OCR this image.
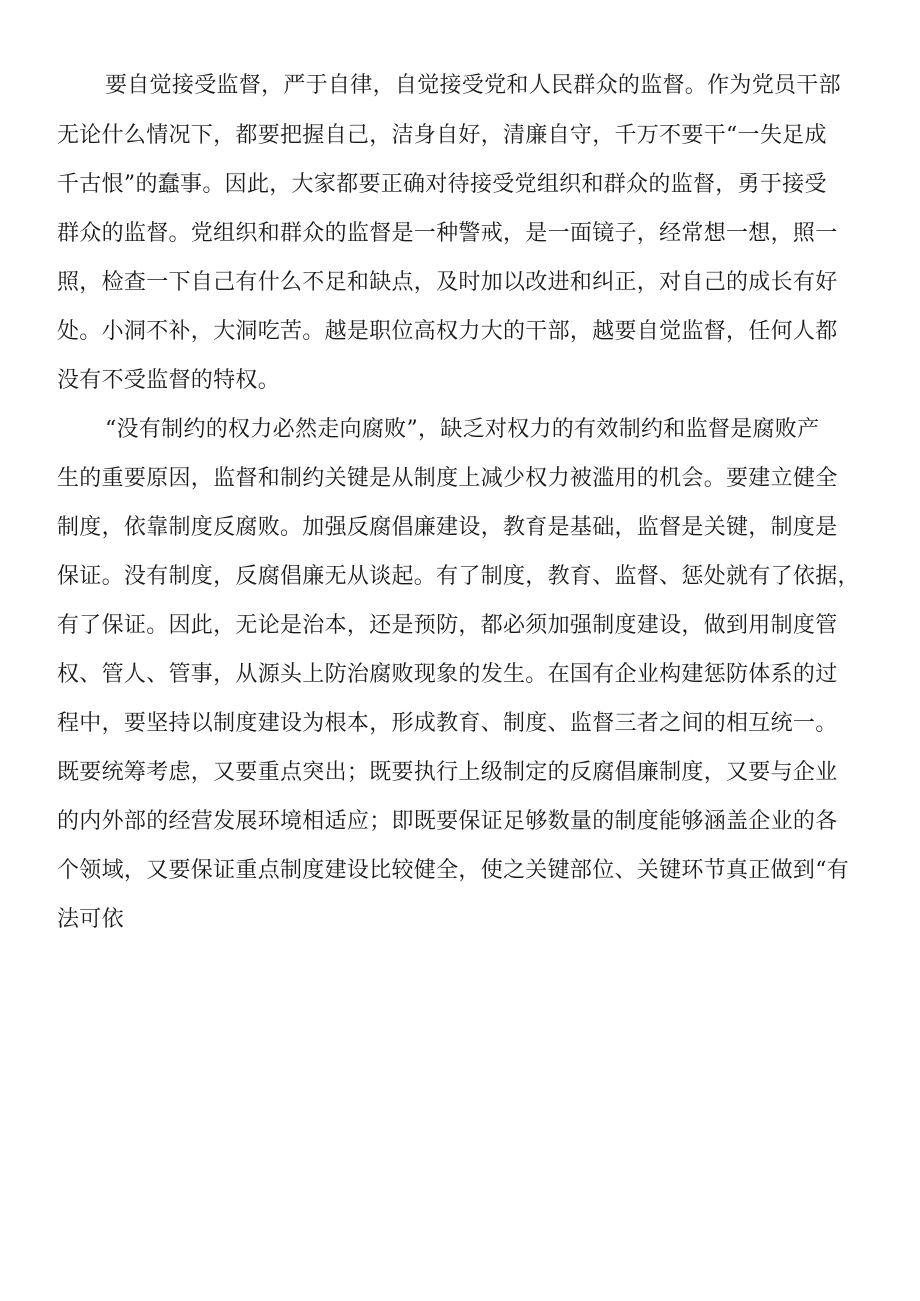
要自觉接受监督，严于自律，自觉接受党和人民群众的监督。作为党员干部
无论什么情况下，都要把握自己，洁身自好，清廉自守，千万不要干“一失足成
千古恨”的蠢事。因此，大家都要正确对待接受党组织和群众的监督，勇于接受
群众的监督。党组织和群众的监督是一种警戒，是一面镜子，经常想一想，照一
照，检查一下自己有什么不足和缺点，及时加以改进和纠正，对自己的成长有好
处。小洞不补，大洞吃苦。越是职位高权力大的干部，越要自觉监督，任何人都
没有不受监督的特权。
“没有制约的权力必然走向腐败”，缺乏对权力的有效制约和监督是腐败产
生的重要原因，监督和制约关键是从制度上减少权力被滥用的机会。要建立健全
制度，依靠制度反腐败。加强反腐倡廉建设，教育是基础，监督是关键，制度是
保证。没有制度，反腐倡廉无从谈起。有了制度，教育、监督、惩处就有了依据，
有了保证。因此，无论是治本，还是预防，都必须加强制度建设，做到用制度管
权、管人、管事，从源头上防治腐败现象的发生。在国有企业构建惩防体系的过
程中，要坚持以制度建设为根本，形成教育、制度、监督三者之间的相互统一。
既要统筹考虑，又要重点突出；既要执行上级制定的反腐倡廉制度，又要与企业
的内外部的经营发展环境相适应；即既要保证足够数量的制度能够涵盖企业的各
个领域，又要保证重点制度建设比较健全，使之关键部位、关键环节真正做到“有
法可依
